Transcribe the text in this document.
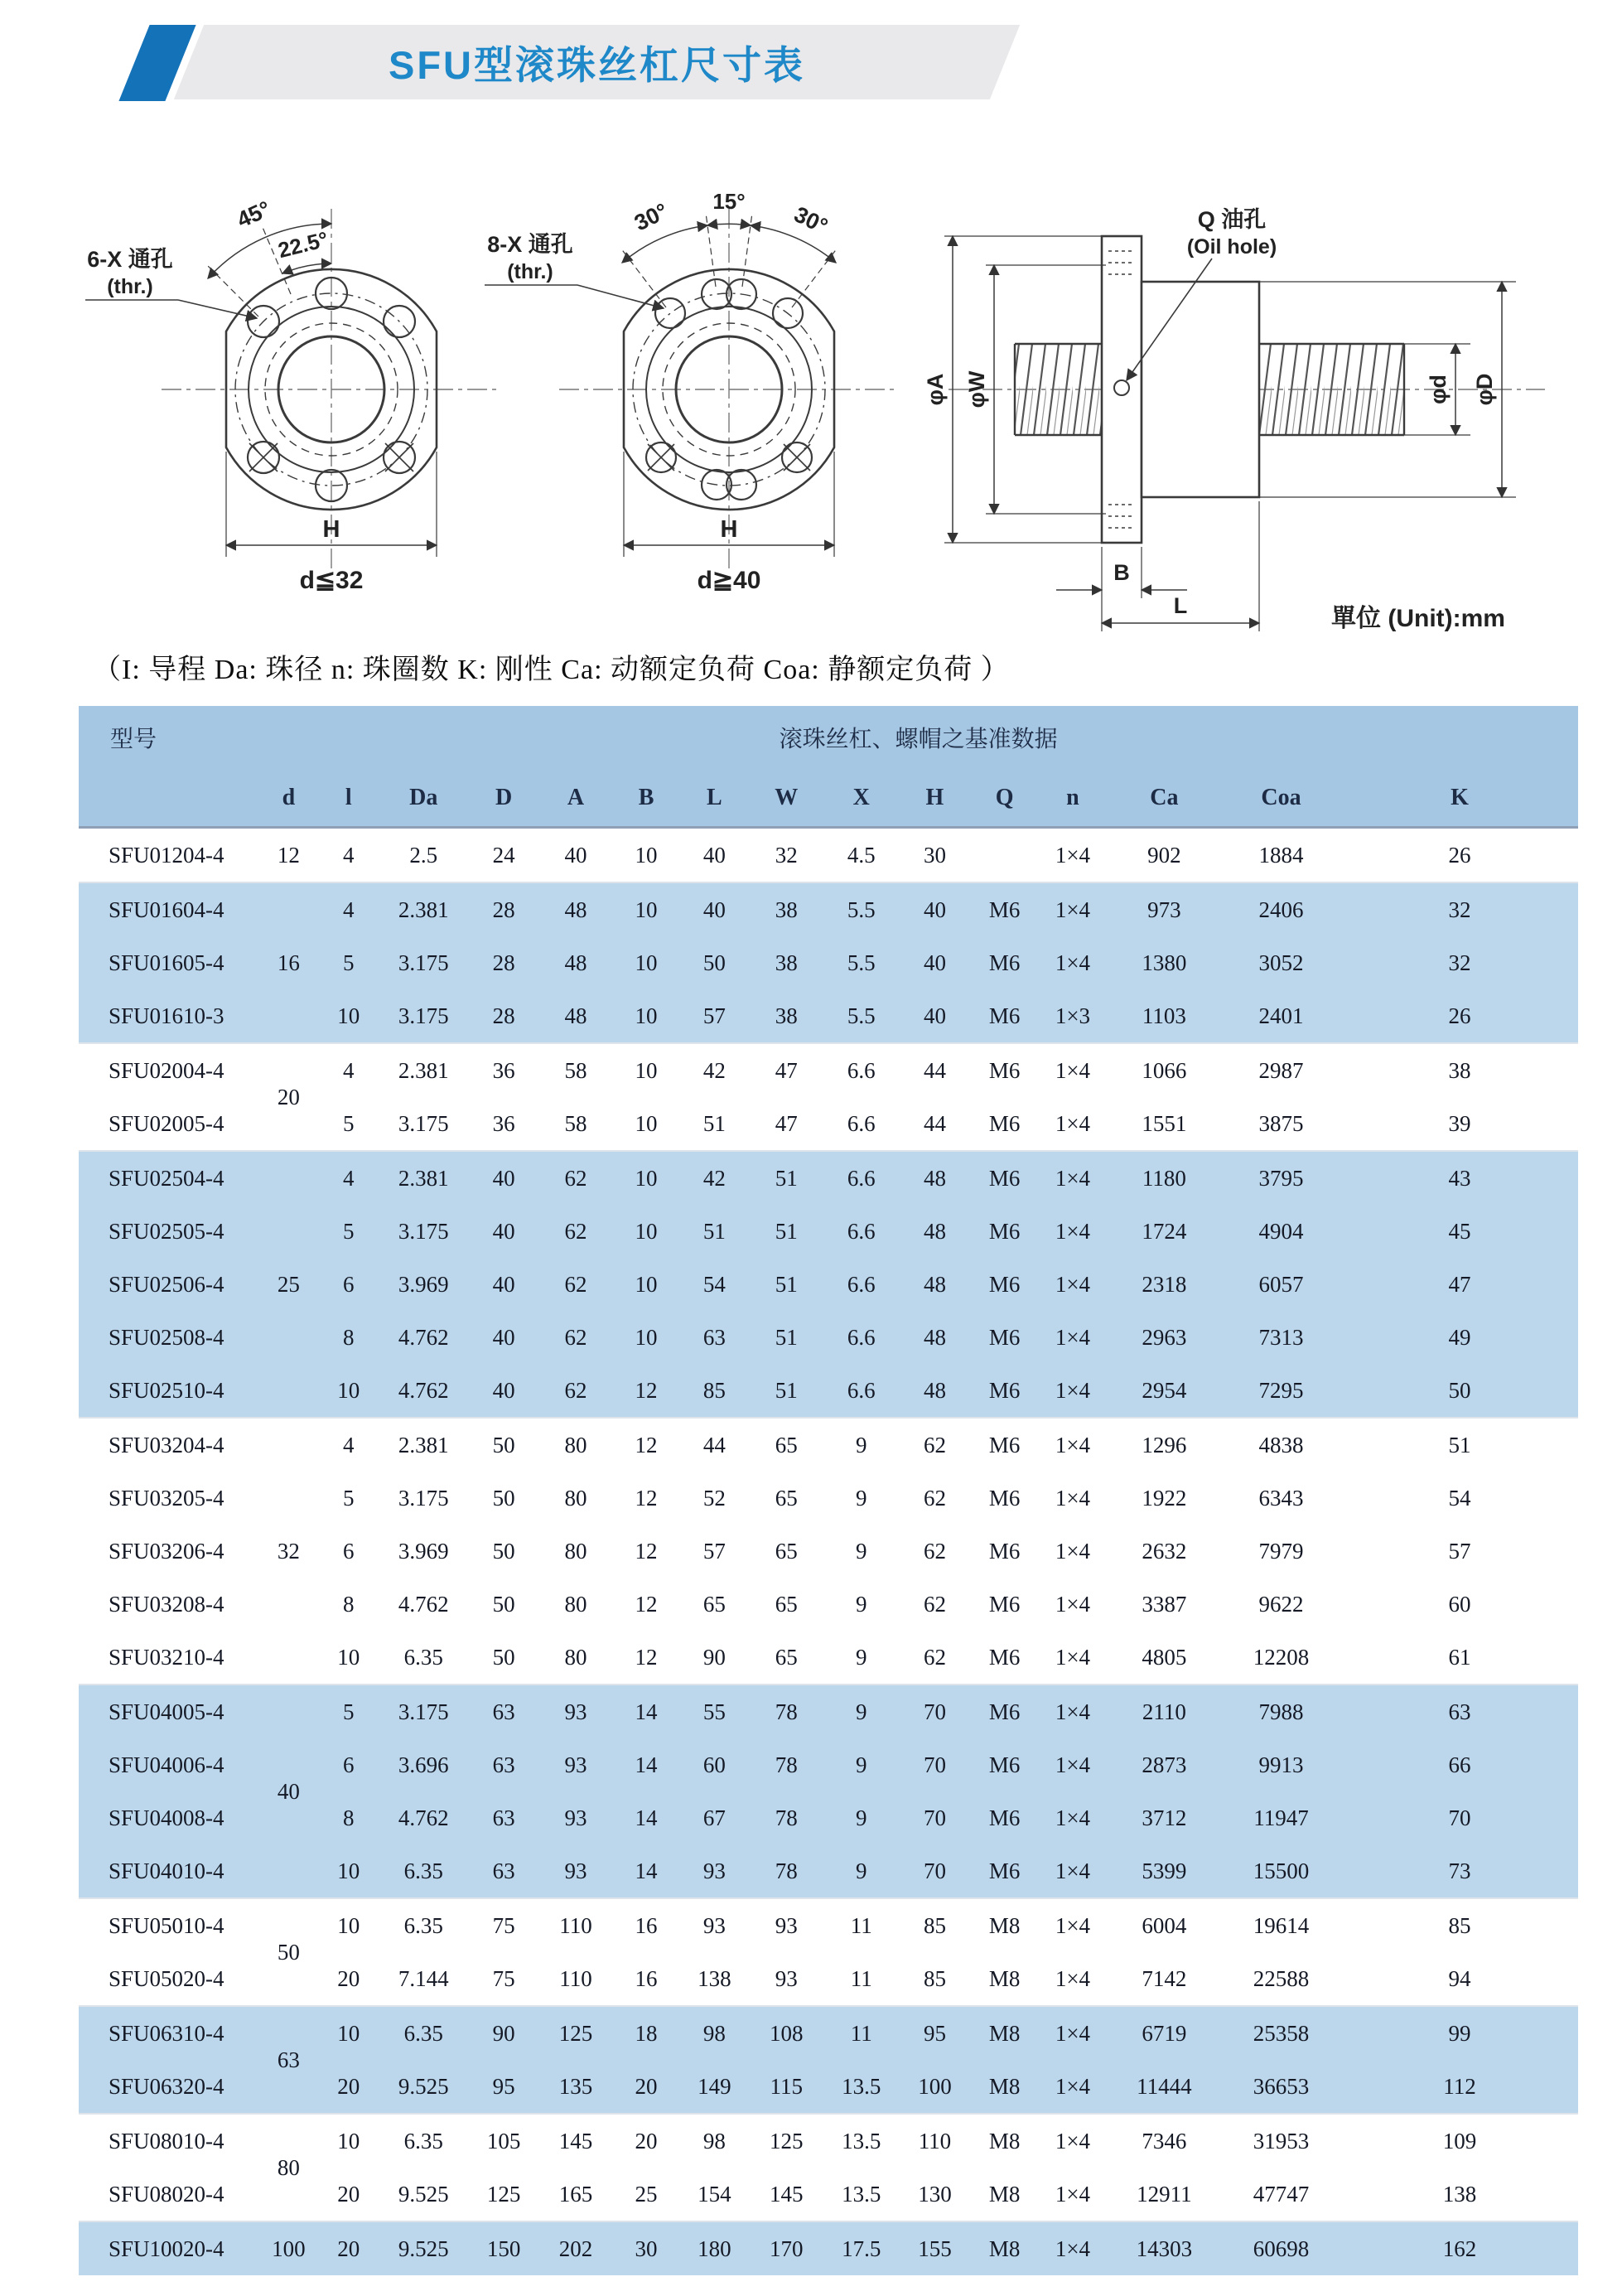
SFU型滚珠丝杠尺寸表
45°
22.5°
6-X 通孔
(thr.)
H
d≦32
30° 15°
30°
8-X 通孔
(thr.)
H
d≧40
φA φW	φd φD
Q 油孔
(Oil hole)
B
L	單位 (Unit):mm
（I: 导程 Da: 珠径 n: 珠圈数 K: 刚性 Ca: 动额定负荷 Coa: 静额定负荷 ）
型号	滚珠丝杠、螺帽之基准数据														
	d	l	Da	D	A	B	L	W	X	H	Q	n	Ca	Coa	K
SFU01204-4	12	4	2.5	24	40	10	40	32	4.5	30		1×4	902	1884	26
SFU01604-4	16	4	2.381	28	48	10	40	38	5.5	40	M6	1×4	973	2406	32
SFU01605-4		5	3.175	28	48	10	50	38	5.5	40	M6	1×4	1380	3052	32
SFU01610-3		10	3.175	28	48	10	57	38	5.5	40	M6	1×3	1103	2401	26
SFU02004-4	20	4	2.381	36	58	10	42	47	6.6	44	M6	1×4	1066	2987	38
SFU02005-4		5	3.175	36	58	10	51	47	6.6	44	M6	1×4	1551	3875	39
SFU02504-4	25	4	2.381	40	62	10	42	51	6.6	48	M6	1×4	1180	3795	43
SFU02505-4		5	3.175	40	62	10	51	51	6.6	48	M6	1×4	1724	4904	45
SFU02506-4		6	3.969	40	62	10	54	51	6.6	48	M6	1×4	2318	6057	47
SFU02508-4		8	4.762	40	62	10	63	51	6.6	48	M6	1×4	2963	7313	49
SFU02510-4		10	4.762	40	62	12	85	51	6.6	48	M6	1×4	2954	7295	50
SFU03204-4	32	4	2.381	50	80	12	44	65	9	62	M6	1×4	1296	4838	51
SFU03205-4		5	3.175	50	80	12	52	65	9	62	M6	1×4	1922	6343	54
SFU03206-4		6	3.969	50	80	12	57	65	9	62	M6	1×4	2632	7979	57
SFU03208-4		8	4.762	50	80	12	65	65	9	62	M6	1×4	3387	9622	60
SFU03210-4		10	6.35	50	80	12	90	65	9	62	M6	1×4	4805	12208	61
SFU04005-4	40	5	3.175	63	93	14	55	78	9	70	M6	1×4	2110	7988	63
SFU04006-4		6	3.696	63	93	14	60	78	9	70	M6	1×4	2873	9913	66
SFU04008-4		8	4.762	63	93	14	67	78	9	70	M6	1×4	3712	11947	70
SFU04010-4		10	6.35	63	93	14	93	78	9	70	M6	1×4	5399	15500	73
SFU05010-4	50	10	6.35	75	110	16	93	93	11	85	M8	1×4	6004	19614	85
SFU05020-4		20	7.144	75	110	16	138	93	11	85	M8	1×4	7142	22588	94
SFU06310-4	63	10	6.35	90	125	18	98	108	11	95	M8	1×4	6719	25358	99
SFU06320-4		20	9.525	95	135	20	149	115	13.5	100	M8	1×4	11444	36653	112
SFU08010-4	80	10	6.35	105	145	20	98	125	13.5	110	M8	1×4	7346	31953	109
SFU08020-4		20	9.525	125	165	25	154	145	13.5	130	M8	1×4	12911	47747	138
SFU10020-4	100	20	9.525	150	202	30	180	170	17.5	155	M8	1×4	14303	60698	162
